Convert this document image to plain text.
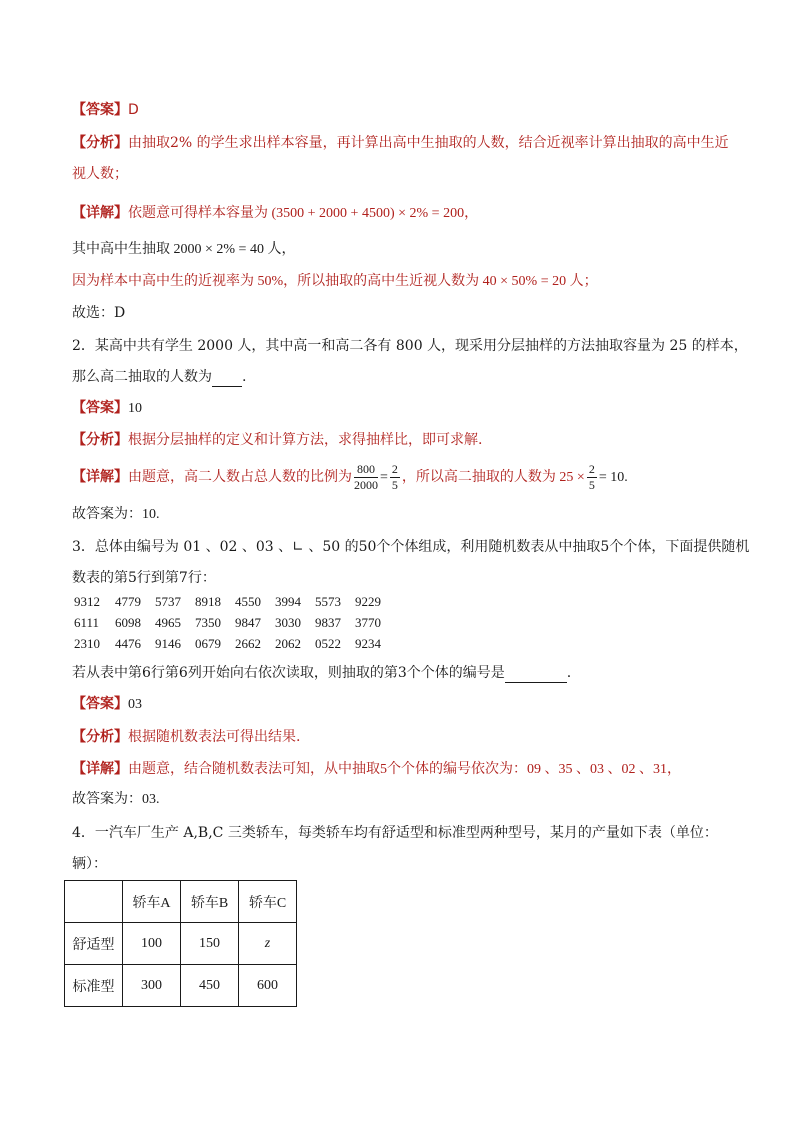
【答案】D
【分析】由抽取2% 的学生求出样本容量，再计算出高中生抽取的人数，结合近视率计算出抽取的高中生近
视人数；
【详解】依题意可得样本容量为 (3500 + 2000 + 4500) × 2% = 200，
其中高中生抽取 2000 × 2% = 40 人，
因为样本中高中生的近视率为 50%，所以抽取的高中生近视人数为 40 × 50% = 20 人；
故选：D
2．某高中共有学生 2000 人，其中高一和高二各有 800 人，现采用分层抽样的方法抽取容量为 25 的样本，
那么高二抽取的人数为 .
【答案】10
【分析】根据分层抽样的定义和计算方法，求得抽样比，即可求解.
【详解】由题意，高二人数占总人数的比例为 $\frac{800}{2000} = \frac{2}{5}$ ，所以高二抽取的人数为 $25 \times \frac{2}{5} = 10$.
故答案为：10.
3．总体由编号为 01 、02 、03 、∟ 、50 的50个个体组成，利用随机数表从中抽取5个个体，下面提供随机
数表的第5行到第7行：
9312 4779 5737 8918 4550 3994 5573 9229
6111 6098 4965 7350 9847 3030 9837 3770
2310 4476 9146 0679 2662 2062 0522 9234
若从表中第6行第6列开始向右依次读取，则抽取的第3个个体的编号是	.
【答案】03
【分析】根据随机数表法可得出结果.
【详解】由题意，结合随机数表法可知，从中抽取5个个体的编号依次为：09 、35 、03 、02 、31，
故答案为：03.
4．一汽车厂生产 A,B,C 三类轿车，每类轿车均有舒适型和标准型两种型号，某月的产量如下表（单位：
辆）：
	轿车A	轿车B	轿车C
舒适型	100	150	z
标准型	300	450	600
